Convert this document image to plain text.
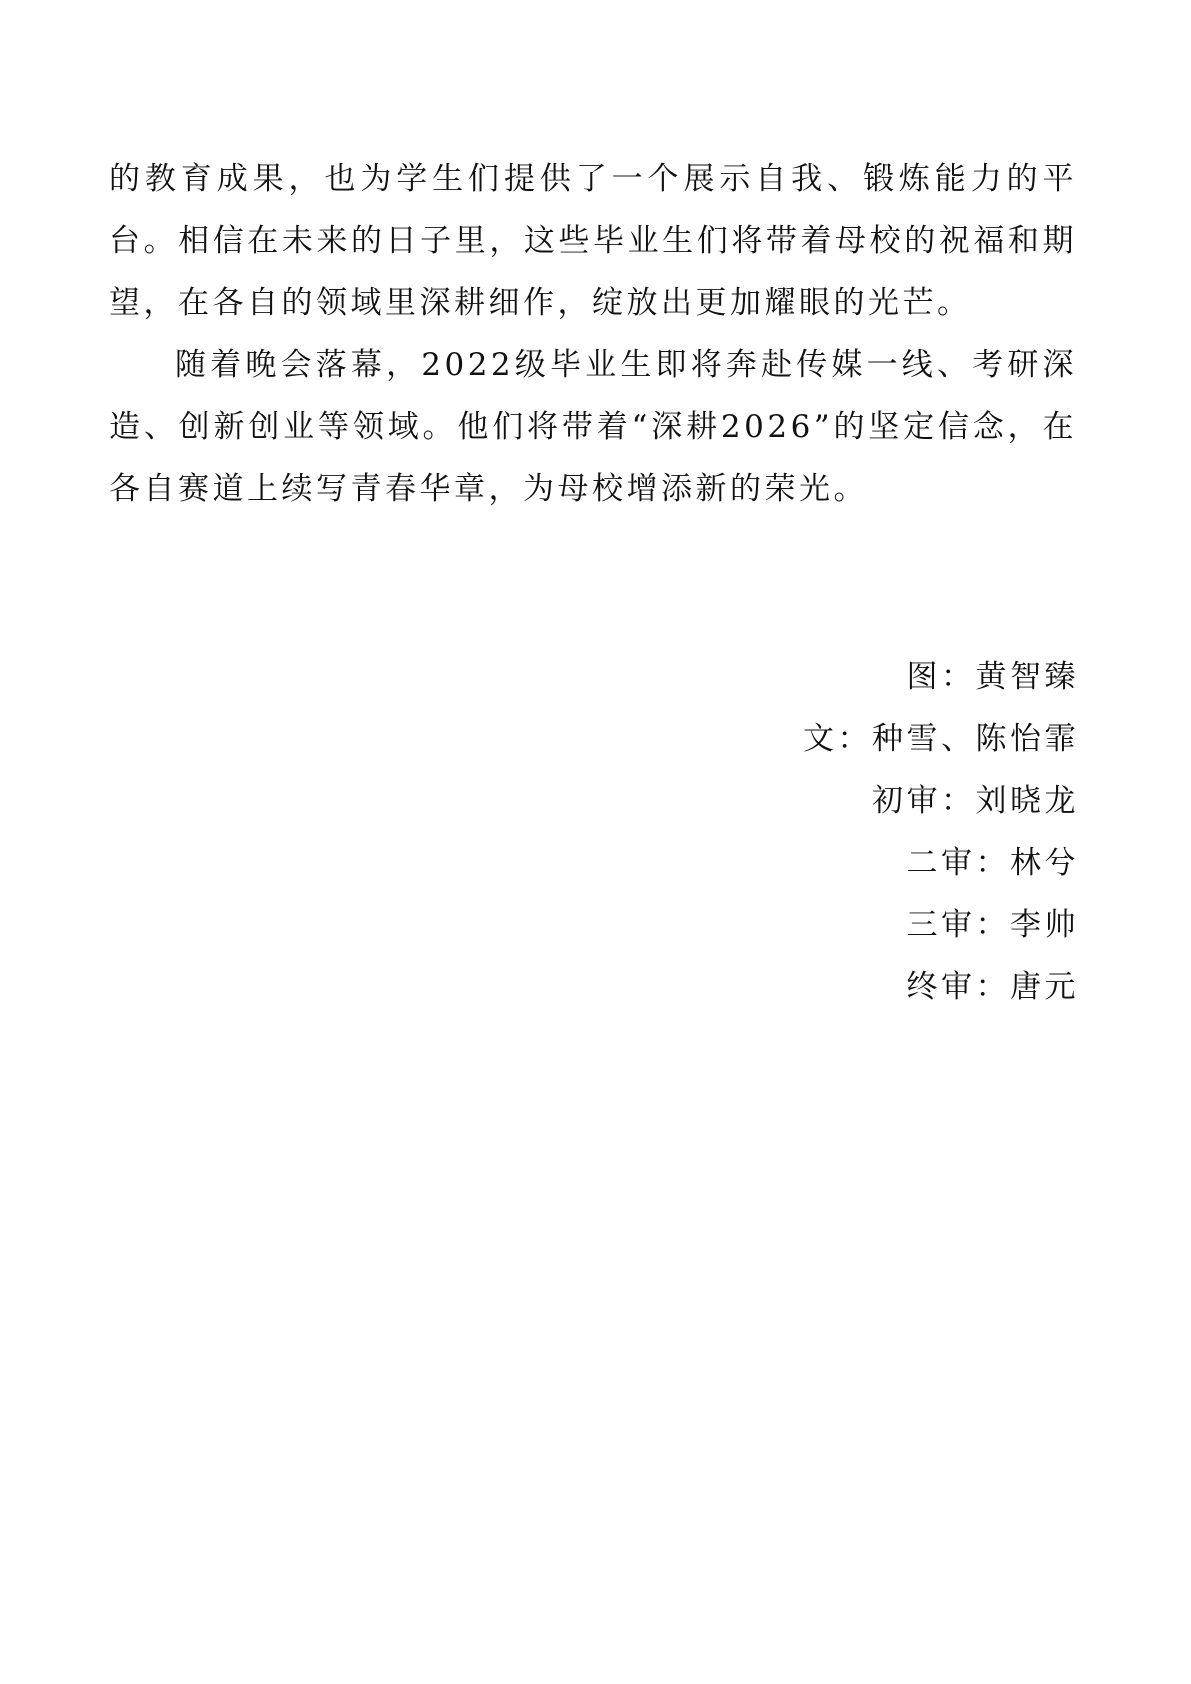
的教育成果，也为学生们提供了一个展示自我、锻炼能力的平台。相信在未来的日子里，这些毕业生们将带着母校的祝福和期望，在各自的领域里深耕细作，绽放出更加耀眼的光芒。

随着晚会落幕，2022级毕业生即将奔赴传媒一线、考研深造、创新创业等领域。他们将带着“深耕2026”的坚定信念，在各自赛道上续写青春华章，为母校增添新的荣光。

图：黄智臻
文：种雪、陈怡霏
初审：刘晓龙
二审：林兮
三审：李帅
终审：唐元
